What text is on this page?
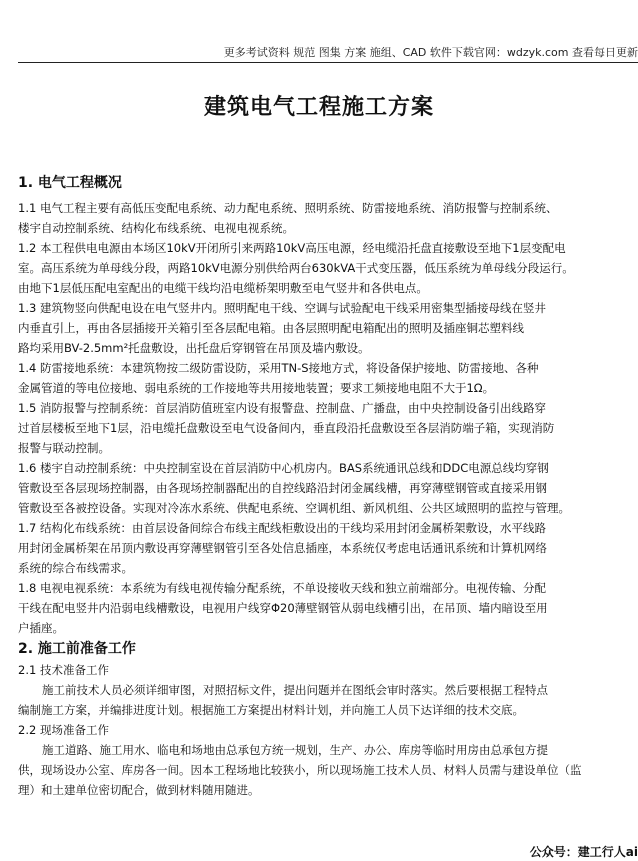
更多考试资料 规范 图集 方案 施组、CAD 软件下载官网：wdzyk.com 查看每日更新
建筑电气工程施工方案
1. 电气工程概况
1.1 电气工程主要有高低压变配电系统、动力配电系统、照明系统、防雷接地系统、消防报警与控制系统、
楼宇自动控制系统、结构化布线系统、电视电视系统。
1.2 本工程供电电源由本场区10kV开闭所引来两路10kV高压电源，经电缆沿托盘直接敷设至地下1层变配电
室。高压系统为单母线分段，两路10kV电源分别供给两台630kVA干式变压器，低压系统为单母线分段运行。
由地下1层低压配电室配出的电缆干线均沿电缆桥架明敷至电气竖井和各供电点。
1.3 建筑物竖向供配电设在电气竖井内。照明配电干线、空调与试验配电干线采用密集型插接母线在竖井
内垂直引上，再由各层插接开关箱引至各层配电箱。由各层照明配电箱配出的照明及插座铜芯塑料线
路均采用BV-2.5mm²托盘敷设，出托盘后穿钢管在吊顶及墙内敷设。
1.4 防雷接地系统：本建筑物按二级防雷设防，采用TN-S接地方式，将设备保护接地、防雷接地、各种
金属管道的等电位接地、弱电系统的工作接地等共用接地装置；要求工频接地电阻不大于1Ω。
1.5 消防报警与控制系统：首层消防值班室内设有报警盘、控制盘、广播盘，由中央控制设备引出线路穿
过首层楼板至地下1层，沿电缆托盘敷设至电气设备间内，垂直段沿托盘敷设至各层消防端子箱，实现消防
报警与联动控制。
1.6 楼宇自动控制系统：中央控制室设在首层消防中心机房内。BAS系统通讯总线和DDC电源总线均穿钢
管敷设至各层现场控制器，由各现场控制器配出的自控线路沿封闭金属线槽，再穿薄壁钢管或直接采用钢
管敷设至各被控设备。实现对冷冻水系统、供配电系统、空调机组、新风机组、公共区域照明的监控与管理。
1.7 结构化布线系统：由首层设备间综合布线主配线柜敷设出的干线均采用封闭金属桥架敷设，水平线路
用封闭金属桥架在吊顶内敷设再穿薄壁钢管引至各处信息插座，本系统仅考虑电话通讯系统和计算机网络
系统的综合布线需求。
1.8 电视电视系统：本系统为有线电视传输分配系统，不单设接收天线和独立前端部分。电视传输、分配
干线在配电竖井内沿弱电线槽敷设，电视用户线穿Φ20薄壁钢管从弱电线槽引出，在吊顶、墙内暗设至用
户插座。
2. 施工前准备工作
2.1 技术准备工作
施工前技术人员必须详细审图，对照招标文件，提出问题并在图纸会审时落实。然后要根据工程特点
编制施工方案，并编排进度计划。根据施工方案提出材料计划，并向施工人员下达详细的技术交底。
2.2 现场准备工作
施工道路、施工用水、临电和场地由总承包方统一规划，生产、办公、库房等临时用房由总承包方提
供，现场设办公室、库房各一间。因本工程场地比较狭小，所以现场施工技术人员、材料人员需与建设单位（监
理）和土建单位密切配合，做到材料随用随进。
公众号：建工行人ai
